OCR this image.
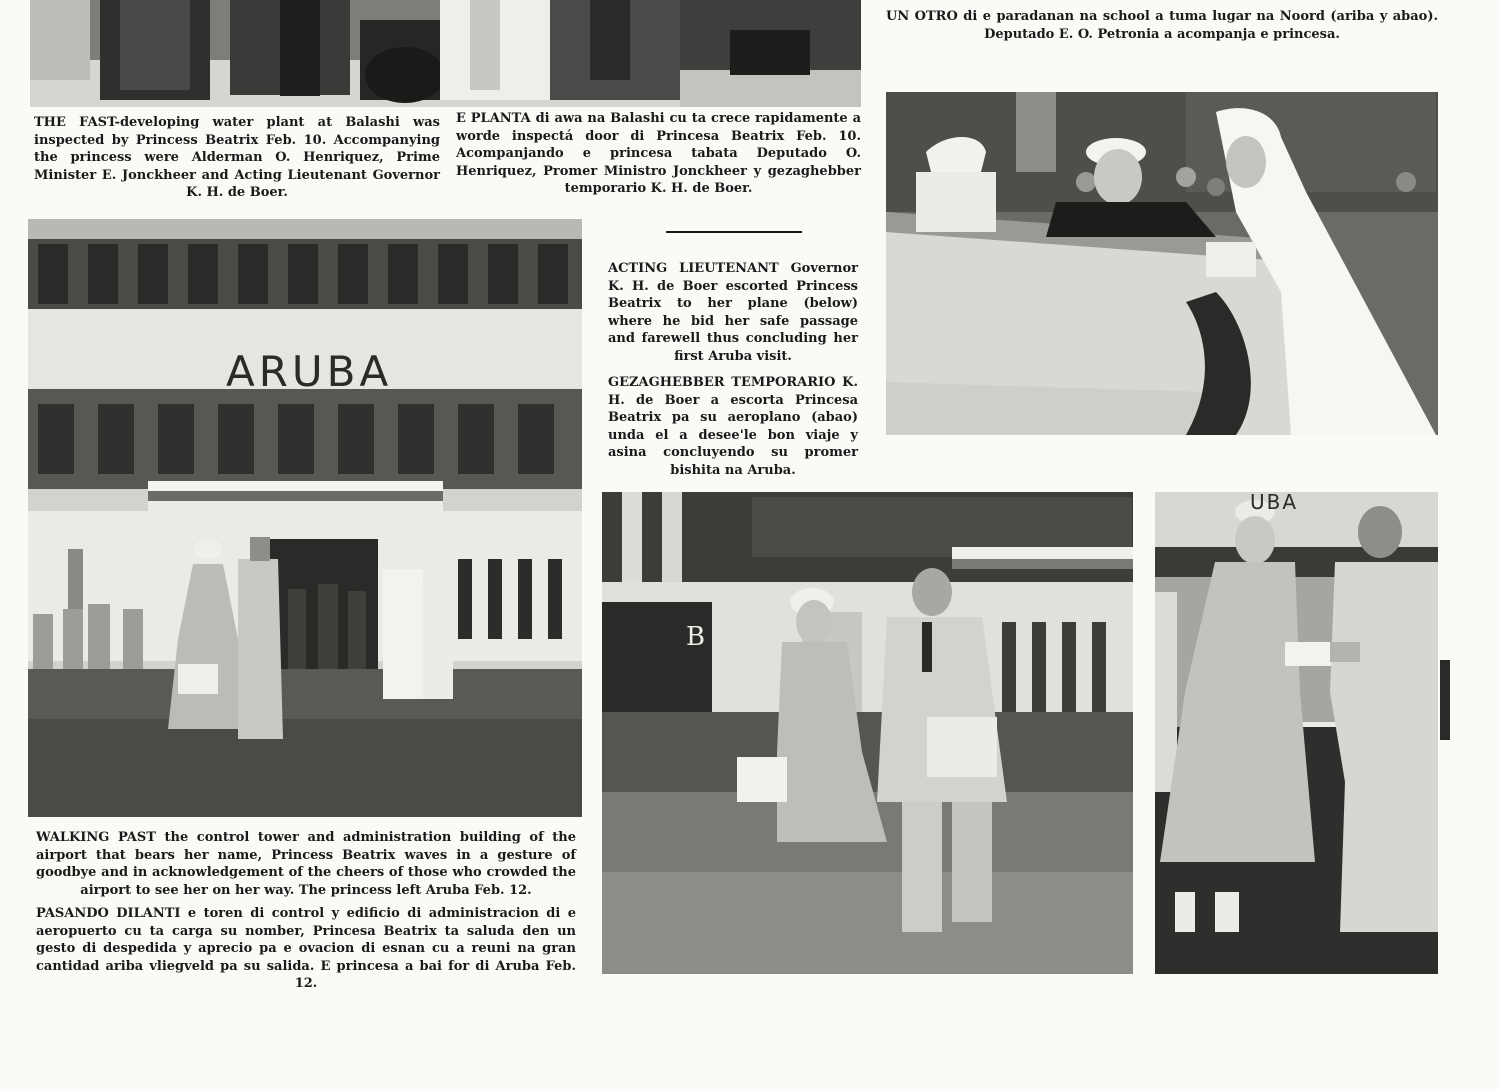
UN OTRO di e paradanan na school a tuma lugar na Noord (ariba y abao). Deputado E. O. Petronia a acompanja e princesa.

THE FAST-developing water plant at Balashi was inspected by Princess Beatrix Feb. 10. Accompanying the princess were Alderman O. Henriquez, Prime Minister E. Jonckheer and Acting Lieutenant Governor K. H. de Boer.

E PLANTA di awa na Balashi cu ta crece rapidamente a worde inspectá door di Princesa Beatrix Feb. 10. Acompanjando e princesa tabata Deputado O. Henriquez, Promer Ministro Jonckheer y gezaghebber temporario K. H. de Boer.

ACTING LIEUTENANT Governor K. H. de Boer escorted Princess Beatrix to her plane (below) where he bid her safe passage and farewell thus concluding her first Aruba visit.

GEZAGHEBBER TEMPORARIO K. H. de Boer a escorta Princesa Beatrix pa su aeroplano (abao) unda el a desee'le bon viaje y asina concluyendo su promer bishita na Aruba.

ARUBA

WALKING PAST the control tower and administration building of the airport that bears her name, Princess Beatrix waves in a gesture of goodbye and in acknowledgement of the cheers of those who crowded the airport to see her on her way. The princess left Aruba Feb. 12.

PASANDO DILANTI e toren di control y edificio di administracion di e aeropuerto cu ta carga su nomber, Princesa Beatrix ta saluda den un gesto di despedida y aprecio pa e ovacion di esnan cu a reuni na gran cantidad ariba vliegveld pa su salida. E princesa a bai for di Aruba Feb. 12.

B
UBA
